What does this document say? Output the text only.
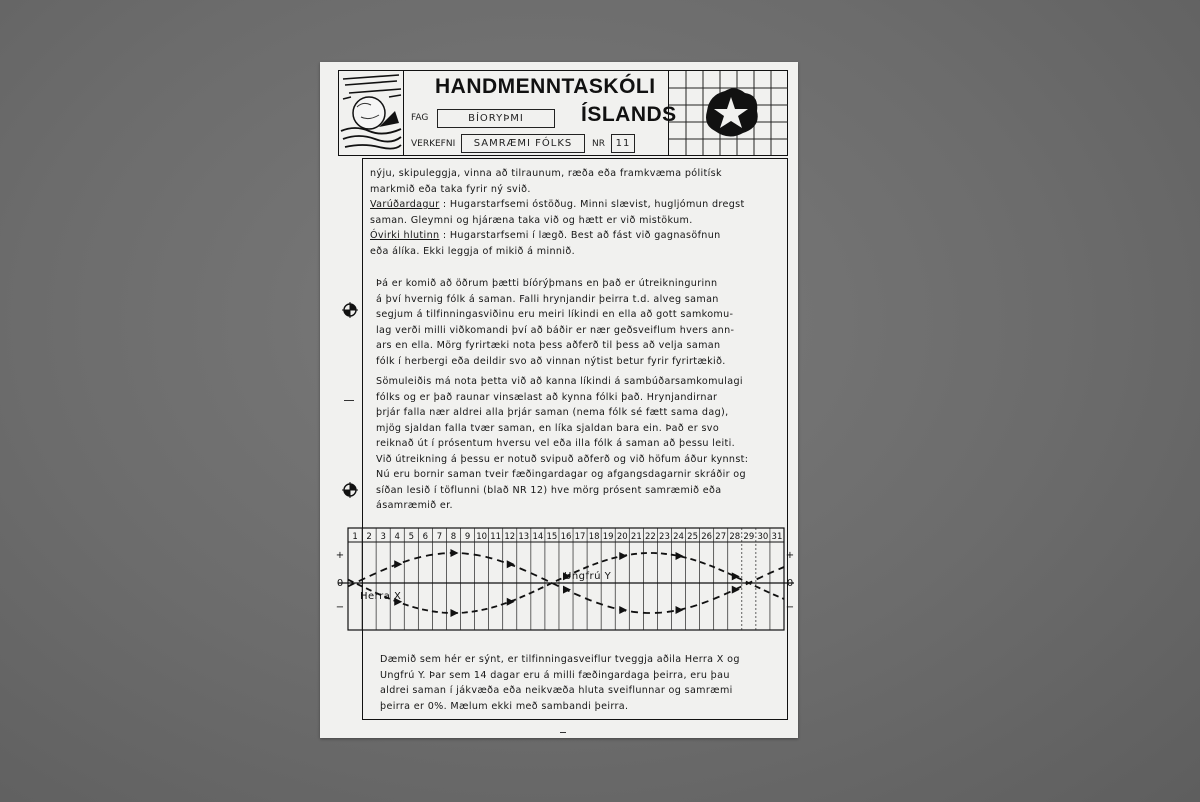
HANDMENNTASKÓLI
ÍSLANDS
FAG	BÍORYÞMI
VERKEFNI	SAMRÆMI FÓLKS	NR	11
nýju, skipuleggja, vinna að tilraunum, ræða eða framkvæma pólitísk
markmið eða taka fyrir ný svið.
Varúðardagur : Hugarstarfsemi óstöðug. Minni slævist, hugljómun dregst
saman. Gleymni og hjáræna taka við og hætt er við mistökum.
Óvirki hlutinn : Hugarstarfsemi í lægð. Best að fást við gagnasöfnun
eða álíka. Ekki leggja of mikið á minnið.
Þá er komið að öðrum þætti bíórýþmans en það er útreikningurinn
á því hvernig fólk á saman. Falli hrynjandir þeirra t.d. alveg saman
segjum á tilfinningasviðinu eru meiri líkindi en ella að gott samkomu-
lag verði milli viðkomandi því að báðir er nær geðsveiflum hvers ann-
ars en ella. Mörg fyrirtæki nota þess aðferð til þess að velja saman
fólk í herbergi eða deildir svo að vinnan nýtist betur fyrir fyrirtækið.
Sömuleiðis má nota þetta við að kanna líkindi á sambúðarsamkomulagi
fólks og er það raunar vinsælast að kynna fólki það. Hrynjandirnar
þrjár falla nær aldrei alla þrjár saman (nema fólk sé fætt sama dag),
mjög sjaldan falla tvær saman, en líka sjaldan bara ein. Það er svo
reiknað út í prósentum hversu vel eða illa fólk á saman að þessu leiti.
Við útreikning á þessu er notuð svipuð aðferð og við höfum áður kynnst:
Nú eru bornir saman tveir fæðingardagar og afgangsdagarnir skráðir og
síðan lesið í töflunni (blað NR 12) hve mörg prósent samræmið eða
ásamræmið er.
1 2 3 4 5 6 7 8 9 10 11 12 13 14 15 16 17 18 19 20 21 22 23 24 25 26 27 28 29 30 31
+
0
−
+
0
−
Herra X
Ungfrú Y
Dæmið sem hér er sýnt, er tilfinningasveiflur tveggja aðila Herra X og
Ungfrú Y. Þar sem 14 dagar eru á milli fæðingardaga þeirra, eru þau
aldrei saman í jákvæða eða neikvæða hluta sveiflunnar og samræmi
þeirra er 0%. Mælum ekki með sambandi þeirra.
